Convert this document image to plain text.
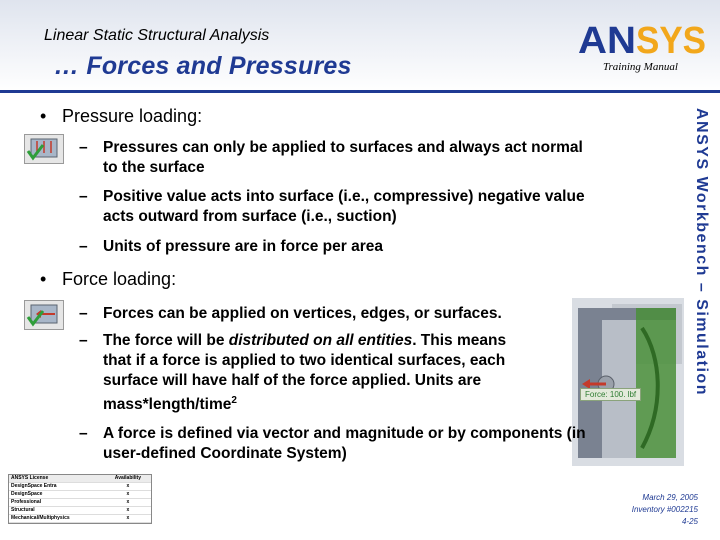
Linear Static Structural Analysis
… Forces and Pressures
AN SYS
Training Manual
ANSYS Workbench – Simulation
Force: 100. lbf
• Pressure loading:
– Pressures can only be applied to surfaces and always act normal to the surface
– Positive value acts into surface (i.e., compressive) negative value acts outward from surface (i.e., suction)
– Units of pressure are in force per area
• Force loading:
– Forces can be applied on vertices, edges, or surfaces.
– The force will be distributed on all entities. This means that if a force is applied to two identical surfaces, each surface will have half of the force applied. Units are mass*length/time$^2$
– A force is defined via vector and magnitude or by components (in user-defined Coordinate System)
ANSYS License	Availability
DesignSpace Entra	x
DesignSpace	x
Professional	x
Structural	x
Mechanical/Multiphysics	x
March 29, 2005
Inventory #002215
4-25
